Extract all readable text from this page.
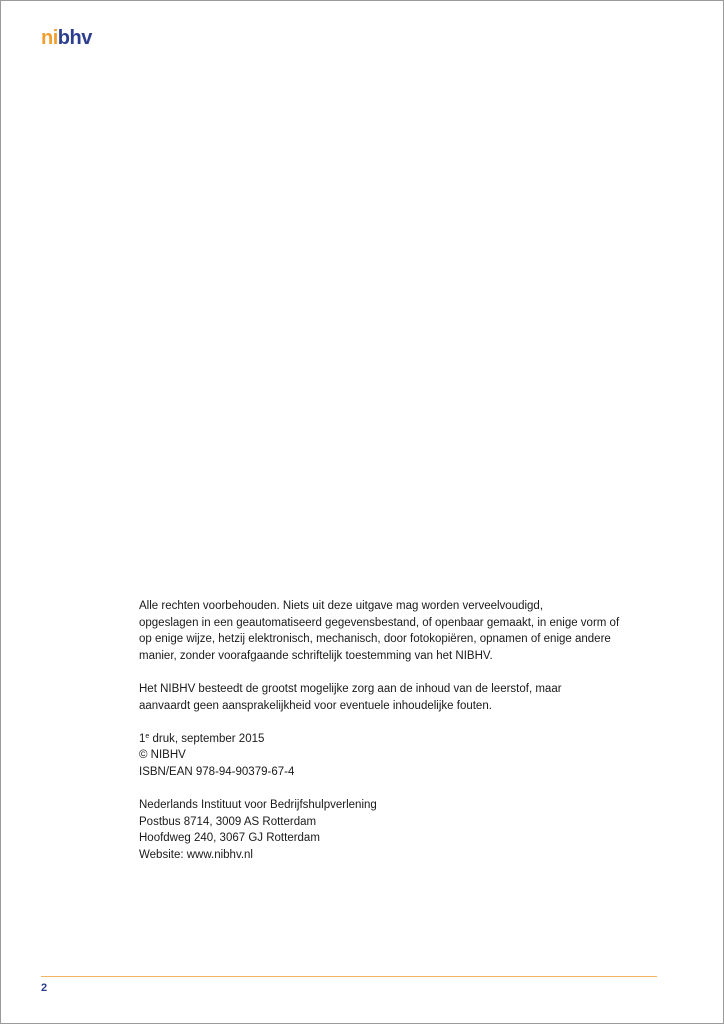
nibhv
Alle rechten voorbehouden. Niets uit deze uitgave mag worden verveelvoudigd,
opgeslagen in een geautomatiseerd gegevensbestand, of openbaar gemaakt, in enige vorm of
op enige wijze, hetzij elektronisch, mechanisch, door fotokopiëren, opnamen of enige andere
manier, zonder voorafgaande schriftelijk toestemming van het NIBHV.
Het NIBHV besteedt de grootst mogelijke zorg aan de inhoud van de leerstof, maar
aanvaardt geen aansprakelijkheid voor eventuele inhoudelijke fouten.
1e druk, september 2015
© NIBHV
ISBN/EAN 978-94-90379-67-4
Nederlands Instituut voor Bedrijfshulpverlening
Postbus 8714, 3009 AS Rotterdam
Hoofdweg 240, 3067 GJ Rotterdam
Website: www.nibhv.nl
2
